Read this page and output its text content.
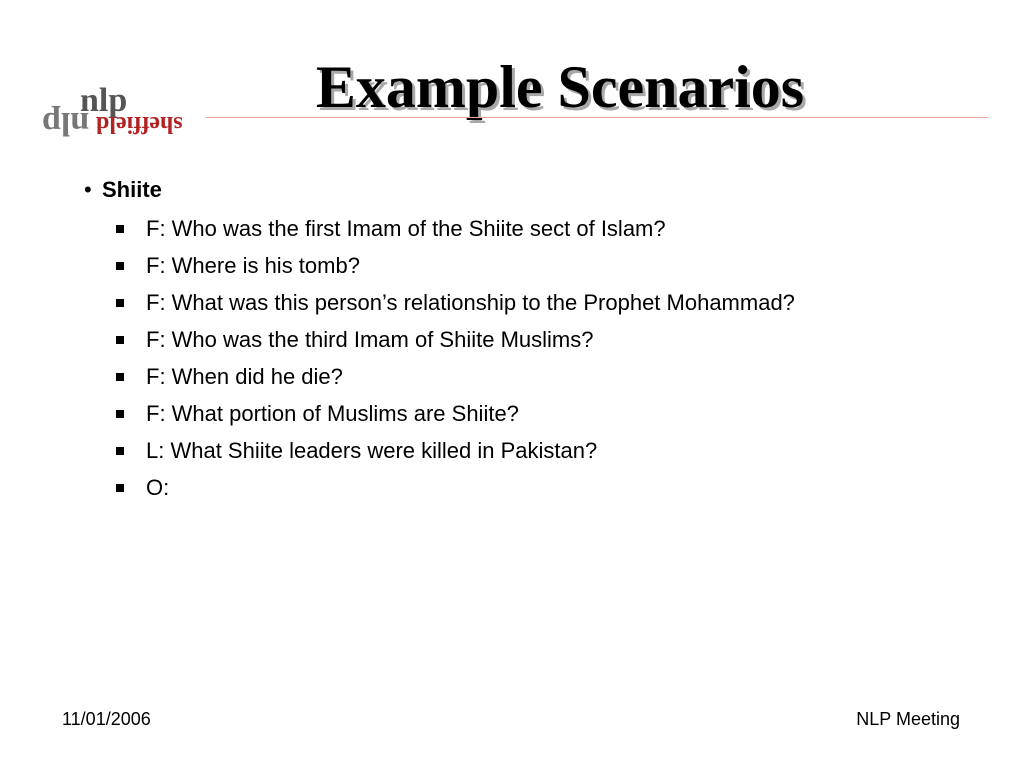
nlp
nlp sheffield
Example Scenarios
• Shiite
F: Who was the first Imam of the Shiite sect of Islam?
F: Where is his tomb?
F: What was this person’s relationship to the Prophet Mohammad?
F: Who was the third Imam of Shiite Muslims?
F: When did he die?
F: What portion of Muslims are Shiite?
L: What Shiite leaders were killed in Pakistan?
O:
11/01/2006	NLP Meeting
